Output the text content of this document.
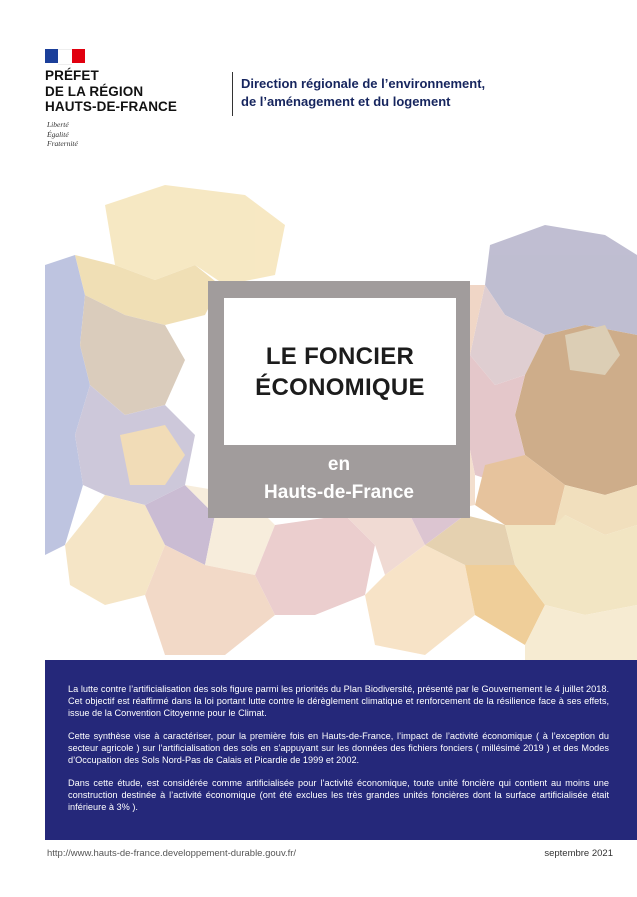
PRÉFET
DE LA RÉGION
HAUTS-DE-FRANCE
Liberté
Égalité
Fraternité
Direction régionale de l’environnement,
de l’aménagement et du logement
LE FONCIER
ÉCONOMIQUE
en
Hauts-de-France

La lutte contre l’artificialisation des sols figure parmi les priorités du Plan Biodiversité, présenté par le Gouvernement le 4 juillet 2018. Cet objectif est réaffirmé dans la loi portant lutte contre le dérèglement climatique et renforcement de la résilience face à ses effets, issue de la Convention Citoyenne pour le Climat.

Cette synthèse vise à caractériser, pour la première fois en Hauts-de-France, l’impact de l’activité économique ( à l’exception du secteur agricole ) sur l’artificialisation des sols en s’appuyant sur les données des fichiers fonciers ( millésimé 2019 ) et des Modes d’Occupation des Sols Nord-Pas de Calais et Picardie de 1999 et 2002.

Dans cette étude, est considérée comme artificialisée pour l’activité économique, toute unité foncière qui contient au moins une construction destinée à l’activité économique (ont été exclues les très grandes unités foncières dont la surface artificialisée était inférieure à 3% ).

http://www.hauts-de-france.developpement-durable.gouv.fr/	septembre 2021
